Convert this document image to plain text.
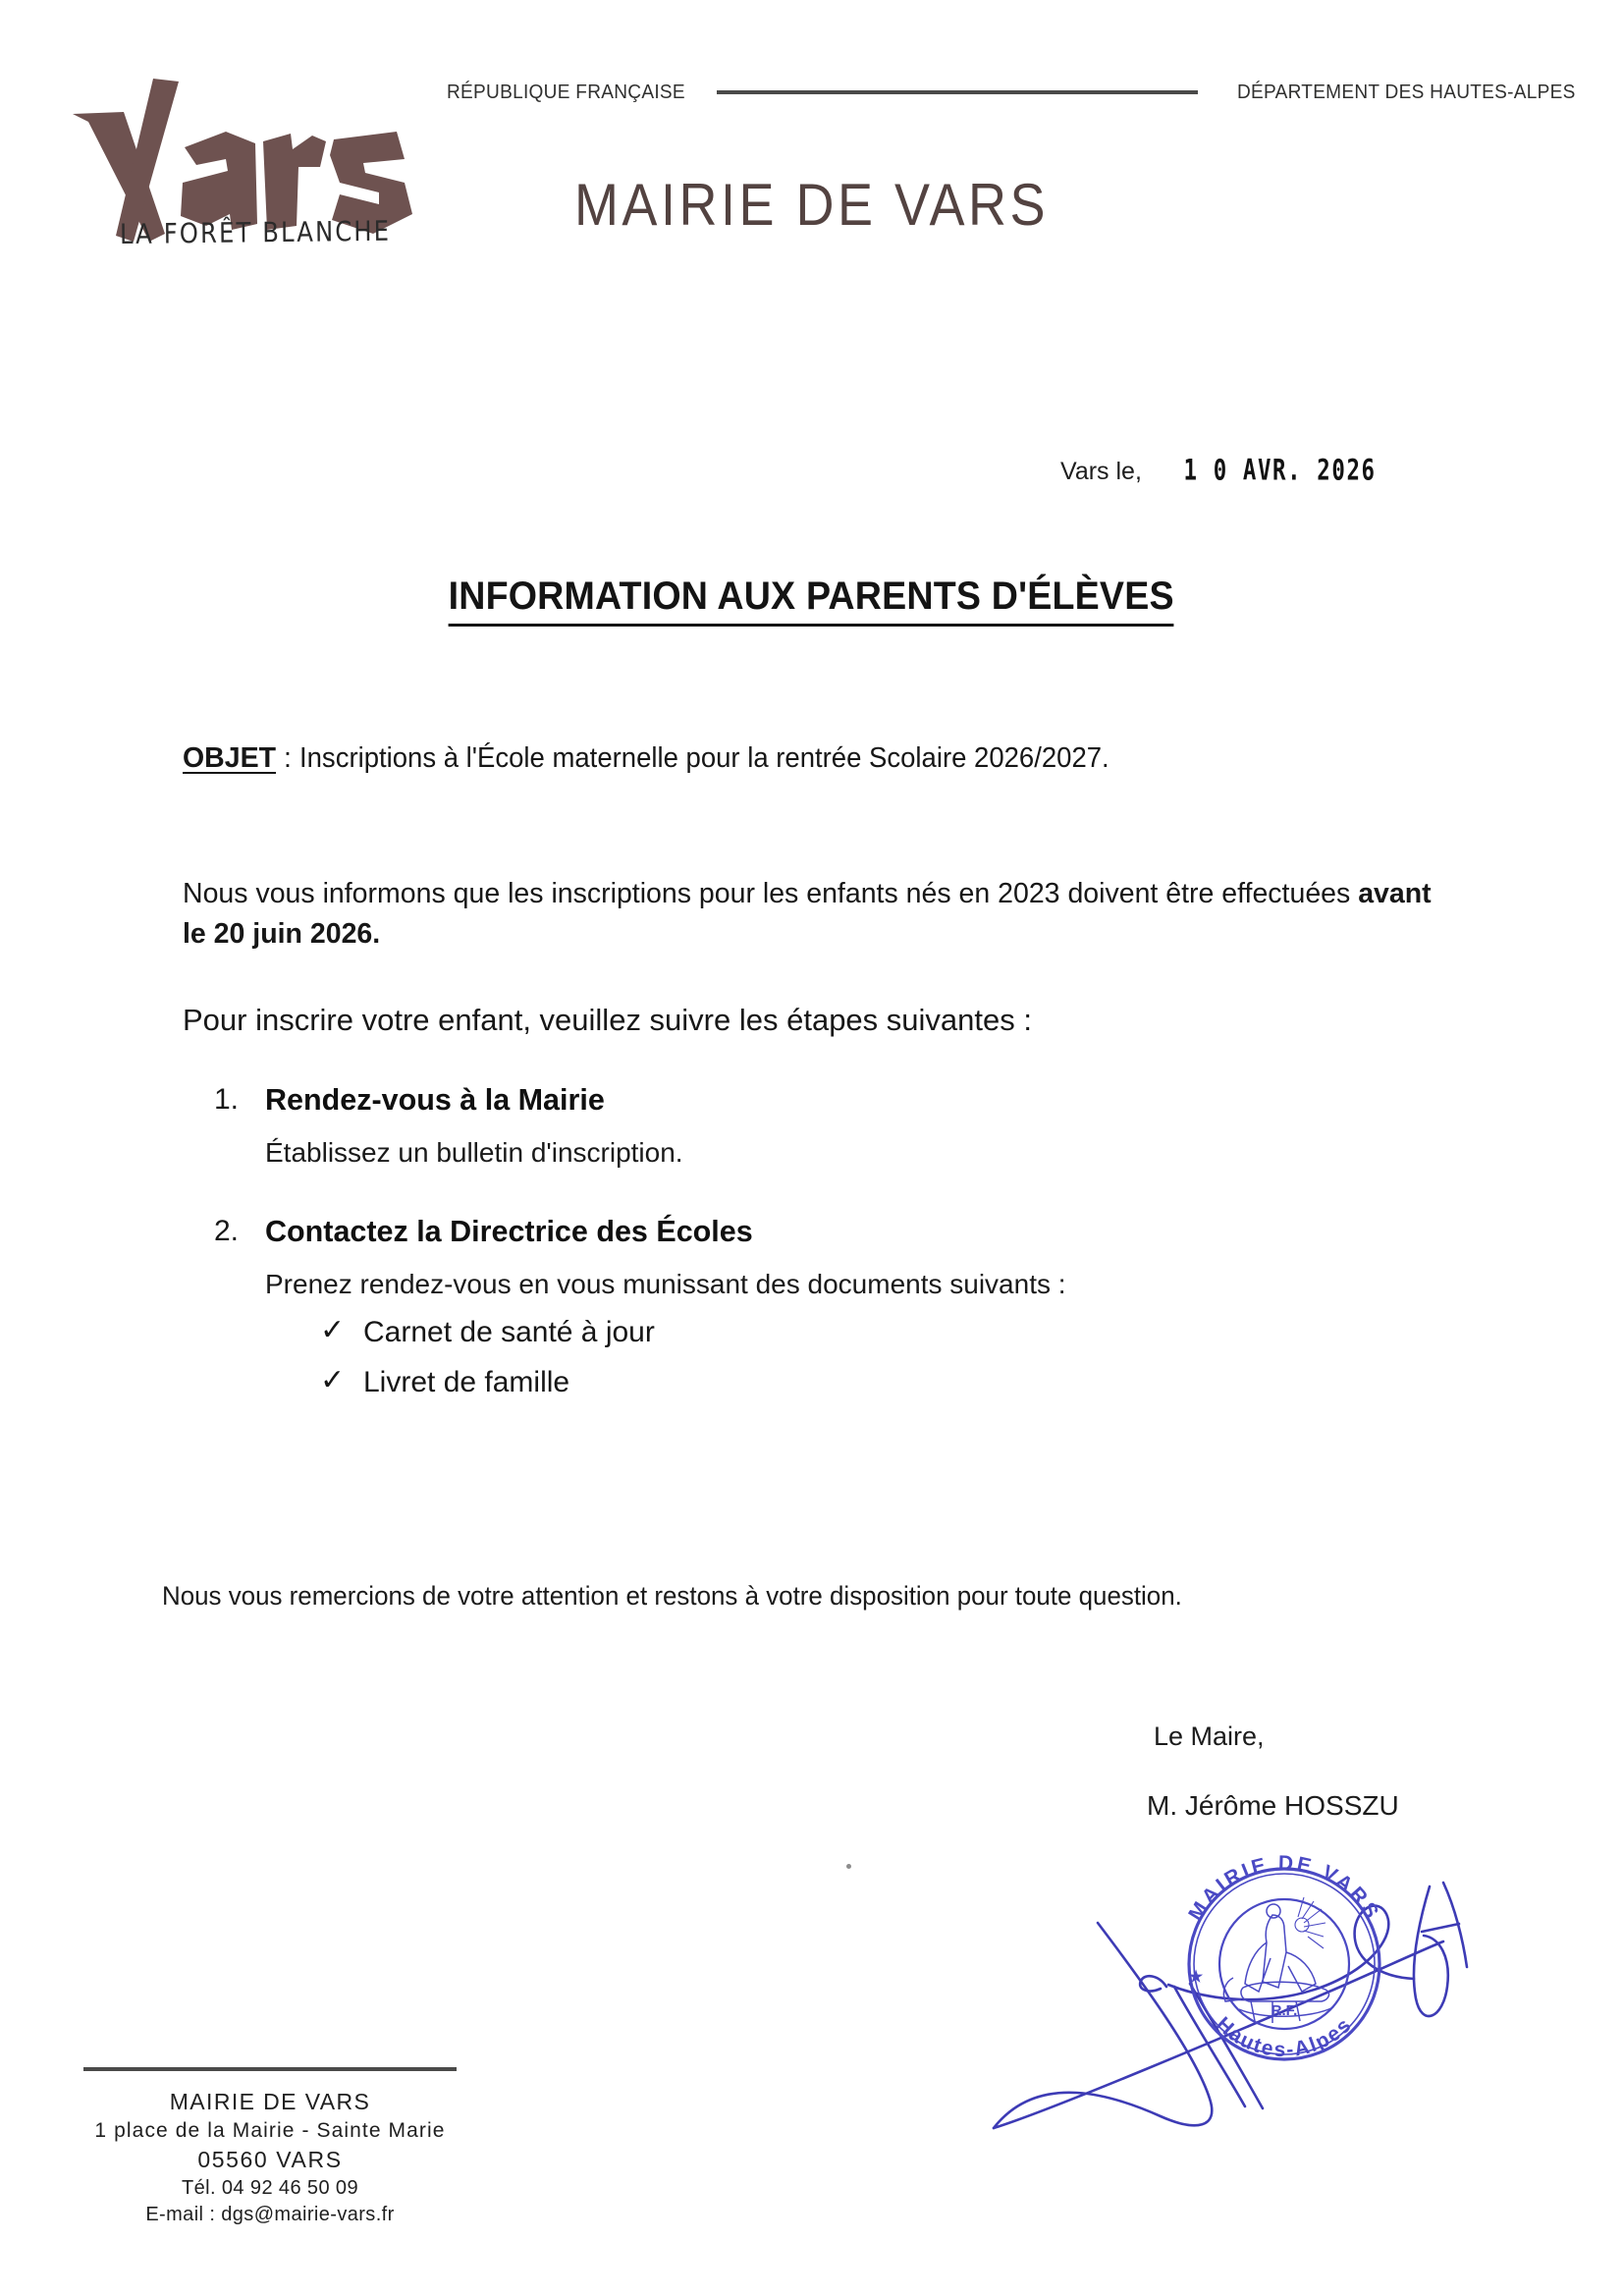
RÉPUBLIQUE FRANÇAISE	DÉPARTEMENT DES HAUTES-ALPES
LA FORÊT BLANCHE	MAIRIE DE VARS
Vars le, 1 0 AVR. 2026
INFORMATION AUX PARENTS D'ÉLÈVES

OBJET : Inscriptions à l'École maternelle pour la rentrée Scolaire 2026/2027.

Nous vous informons que les inscriptions pour les enfants nés en 2023 doivent être effectuées avant le 20 juin 2026.

Pour inscrire votre enfant, veuillez suivre les étapes suivantes :

1. Rendez-vous à la Mairie
Établissez un bulletin d'inscription.
2. Contactez la Directrice des Écoles
Prenez rendez-vous en vous munissant des documents suivants :
✓ Carnet de santé à jour
✓ Livret de famille
Nous vous remercions de votre attention et restons à votre disposition pour toute question.
Le Maire,
M. Jérôme HOSSZU
MAIRIE DE VARS
Hautes-Alpes
R.F.
★
MAIRIE DE VARS
1 place de la Mairie - Sainte Marie
05560 VARS
Tél. 04 92 46 50 09
E-mail : dgs@mairie-vars.fr
